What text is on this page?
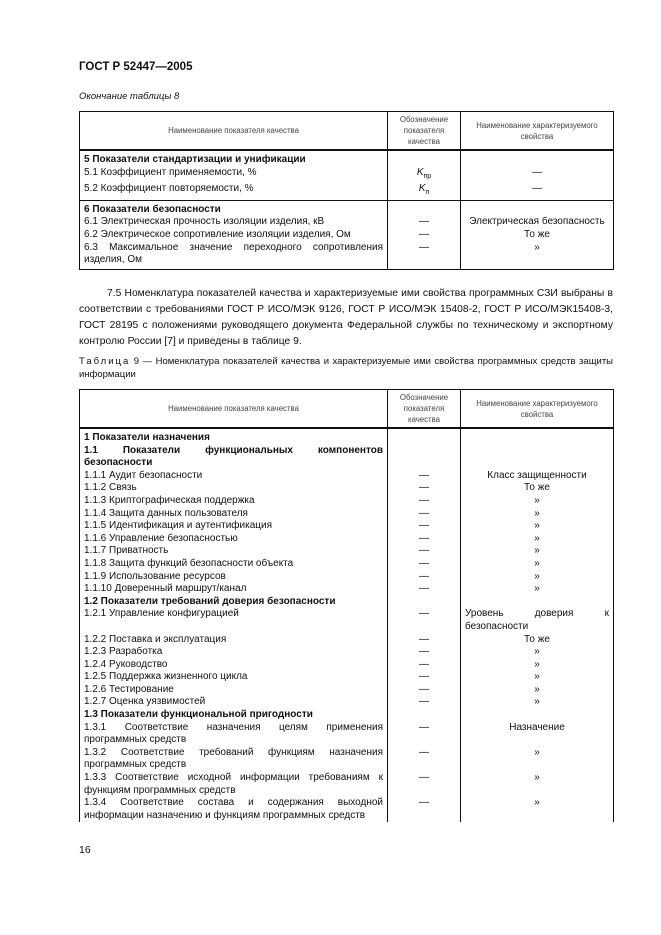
ГОСТ Р 52447—2005
Окончание таблицы 8
Наименование показателя качества	Обозначение показателя качества	Наименование характеризуемого свойства
5 Показатели стандартизации и унификации		
5.1 Коэффициент применяемости, %	$K_{пр}$	—
5.2 Коэффициент повторяемости, %	$K_п$	—
6 Показатели безопасности		
6.1 Электрическая прочность изоляции изделия, кВ	—	Электрическая безопасность
6.2 Электрическое сопротивление изоляции изделия, Ом	—	То же
6.3 Максимальное значение переходного сопротивления изделия, Ом	—	»
7.5 Номенклатура показателей качества и характеризуемые ими свойства программных СЗИ выбраны в соответствии с требованиями ГОСТ Р ИСО/МЭК 9126, ГОСТ Р ИСО/МЭК 15408-2, ГОСТ Р ИСО/МЭК15408-3, ГОСТ 28195 с положениями руководящего документа Федеральной службы по техническому и экспортному контролю России [7] и приведены в таблице 9.
Таблица 9 — Номенклатура показателей качества и характеризуемые ими свойства программных средств защиты информации
Наименование показателя качества	Обозначение показателя качества	Наименование характеризуемого свойства
1 Показатели назначения		
1.1 Показатели функциональных компонентов безопасности		
1.1.1 Аудит безопасности	—	Класс защищенности
1.1.2 Связь	—	То же
1.1.3 Криптографическая поддержка	—	»
1.1.4 Защита данных пользователя	—	»
1.1.5 Идентификация и аутентификация	—	»
1.1.6 Управление безопасностью	—	»
1.1.7 Приватность	—	»
1.1.8 Защита функций безопасности объекта	—	»
1.1.9 Использование ресурсов	—	»
1.1.10 Доверенный маршрут/канал	—	»
1.2 Показатели требований доверия безопасности		
1.2.1 Управление конфигурацией	—	Уровень доверия к безопасности
1.2.2 Поставка и эксплуатация	—	То же
1.2.3 Разработка	—	»
1.2.4 Руководство	—	»
1.2.5 Поддержка жизненного цикла	—	»
1.2.6 Тестирование	—	»
1.2.7 Оценка уязвимостей	—	»
1.3 Показатели функциональной пригодности		
1.3.1 Соответствие назначения целям применения программных средств	—	Назначение
1.3.2 Соответствие требований функциям назначения программных средств	—	»
1.3.3 Соответствие исходной информации требованиям к функциям программных средств	—	»
1.3.4 Соответствие состава и содержания выходной информации назначению и функциям программных средств	—	»
16
